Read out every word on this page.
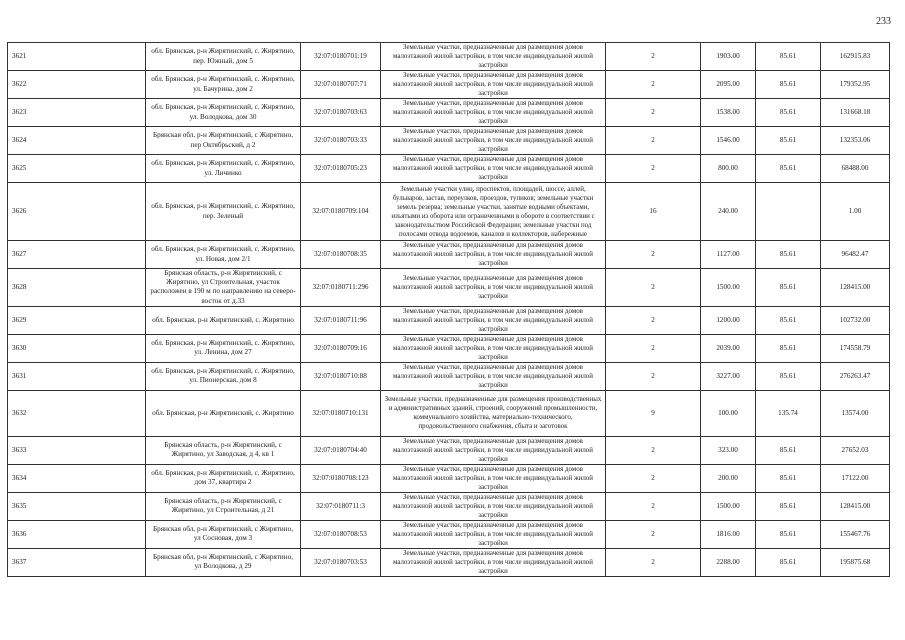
233
3621	обл. Брянская, р-н Жирятинский, с. Жирятино, пер. Южный, дом 5	32:07:0180701:19	Земельные участки, предназначенные для размещения домов малоэтажной жилой застройки, в том числе индивидуальной жилой застройки	2	1903.00	85.61	162915.83
3622	обл. Брянская, р-н Жирятинский, с. Жирятино, ул. Бачурина, дом 2	32:07:0180707:71	Земельные участки, предназначенные для размещения домов малоэтажной жилой застройки, в том числе индивидуальной жилой застройки	2	2095.00	85.61	179352.95
3623	обл. Брянская, р-н Жирятинский, с. Жирятино, ул. Володкова, дом 30	32:07:0180703:63	Земельные участки, предназначенные для размещения домов малоэтажной жилой застройки, в том числе индивидуальной жилой застройки	2	1538.00	85.61	131668.18
3624	Брянская обл, р-н Жирятинский, с Жирятино, пер Октябрьский, д 2	32:07:0180703:33	Земельные участки, предназначенные для размещения домов малоэтажной жилой застройки, в том числе индивидуальной жилой застройки	2	1546.00	85.61	132353.06
3625	обл. Брянская, р-н Жирятинский, с. Жирятино, ул. Личинко	32:07:0180705:23	Земельные участки, предназначенные для размещения домов малоэтажной жилой застройки, в том числе индивидуальной жилой застройки	2	800.00	85.61	68488.00
3626	обл. Брянская, р-н Жирятинский, с. Жирятино, пер. Зеленый	32:07:0180709:104	Земельные участки улиц, проспектов, площадей, шоссе, аллей, бульваров, застав, переулков, проездов, тупиков; земельные участки земель резерва; земельные участки, занятые водными объектами, изъятыми из оборота или ограниченными в обороте в соответствии с законодательством Российской Федерации; земельные участки под полосами отвода водоемов, каналов и коллекторов, набережные	16	240.00		1.00
3627	обл. Брянская, р-н Жирятинский, с. Жирятино, ул. Новая, дом 2/1	32:07:0180708:35	Земельные участки, предназначенные для размещения домов малоэтажной жилой застройки, в том числе индивидуальной жилой застройки	2	1127.00	85.61	96482.47
3628	Брянская область, р-н Жирятинский, с Жирятино, ул Строительная, участок расположен в 190 м по направлению на северо-восток от д.33	32:07:0180711:296	Земельные участки, предназначенные для размещения домов малоэтажной жилой застройки, в том числе индивидуальной жилой застройки	2	1500.00	85.61	128415.00
3629	обл. Брянская, р-н Жирятинский, с. Жирятино	32:07:0180711:96	Земельные участки, предназначенные для размещения домов малоэтажной жилой застройки, в том числе индивидуальной жилой застройки	2	1200.00	85.61	102732.00
3630	обл. Брянская, р-н Жирятинский, с. Жирятино, ул. Ленина, дом 27	32:07:0180709:16	Земельные участки, предназначенные для размещения домов малоэтажной жилой застройки, в том числе индивидуальной жилой застройки	2	2039.00	85.61	174558.79
3631	обл. Брянская, р-н Жирятинский, с. Жирятино, ул. Пионерская, дом 8	32:07:0180710:88	Земельные участки, предназначенные для размещения домов малоэтажной жилой застройки, в том числе индивидуальной жилой застройки	2	3227.00	85.61	276263.47
3632	обл. Брянская, р-н Жирятинский, с. Жирятино	32:07:0180710:131	Земельные участки, предназначенные для размещения производственных и административных зданий, строений, сооружений промышленности, коммунального хозяйства, материально-технического, продовольственного снабжения, сбыта и заготовок	9	100.00	135.74	13574.00
3633	Брянская область, р-н Жирятинский, с Жирятино, ул Заводская, д 4, кв 1	32:07:0180704:40	Земельные участки, предназначенные для размещения домов малоэтажной жилой застройки, в том числе индивидуальной жилой застройки	2	323.00	85.61	27652.03
3634	обл. Брянская, р-н Жирятинский, с. Жирятино, дом 37, квартира 2	32:07:0180708:123	Земельные участки, предназначенные для размещения домов малоэтажной жилой застройки, в том числе индивидуальной жилой застройки	2	200.00	85.61	17122.00
3635	Брянская область, р-н Жирятинский, с Жирятино, ул Строительная, д 21	32:07:0180711:3	Земельные участки, предназначенные для размещения домов малоэтажной жилой застройки, в том числе индивидуальной жилой застройки	2	1500.00	85.61	128415.00
3636	Брянская обл, р-н Жирятинский, с Жирятино, ул Сосновая, дом 3	32:07:0180708:53	Земельные участки, предназначенные для размещения домов малоэтажной жилой застройки, в том числе индивидуальной жилой застройки	2	1816.00	85.61	155467.76
3637	Брянская обл, р-н Жирятинский, с Жирятино, ул Володкова, д 29	32:07:0180703:53	Земельные участки, предназначенные для размещения домов малоэтажной жилой застройки, в том числе индивидуальной жилой застройки	2	2288.00	85.61	195875.68
